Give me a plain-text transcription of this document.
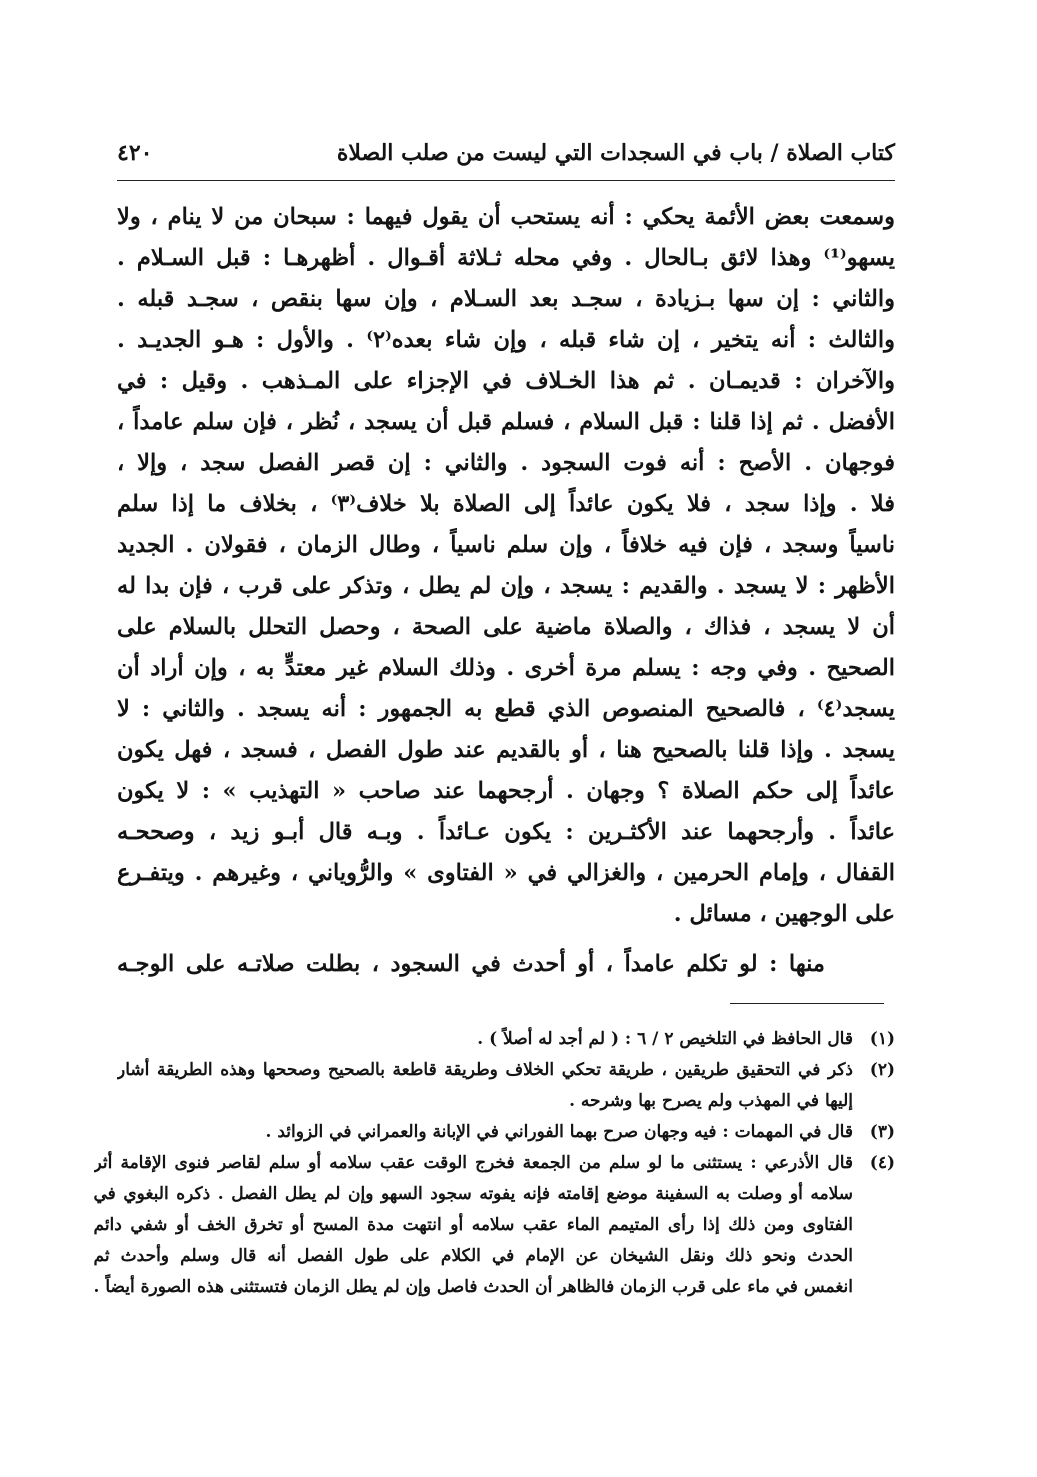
كتاب الصلاة / باب في السجدات التي ليست من صلب الصلاة
٤٢٠
وسمعت بعض الأئمة يحكي : أنه يستحب أن يقول فيهما : سبحان من لا ينام ، ولا
يسهو⁽¹⁾ وهذا لائق بـالحال . وفي محله ثـلاثة أقـوال . أظهرهـا : قبل السـلام .
والثاني : إن سها بـزيادة ، سجـد بعد السـلام ، وإن سها بنقص ، سجـد قبله .
والثالث : أنه يتخير ، إن شاء قبله ، وإن شاء بعده⁽٢⁾ . والأول : هـو الجديـد .
والآخران : قديمـان . ثم هذا الخـلاف في الإجزاء على المـذهب . وقيل : في
الأفضل . ثم إذا قلنا : قبل السلام ، فسلم قبل أن يسجد ، نُظر ، فإن سلم عامداً ،
فوجهان . الأصح : أنه فوت السجود . والثاني : إن قصر الفصل سجد ، وإلا ،
فلا . وإذا سجد ، فلا يكون عائداً إلى الصلاة بلا خلاف⁽٣⁾ ، بخلاف ما إذا سلم
ناسياً وسجد ، فإن فيه خلافاً ، وإن سلم ناسياً ، وطال الزمان ، فقولان . الجديد
الأظهر : لا يسجد . والقديم : يسجد ، وإن لم يطل ، وتذكر على قرب ، فإن بدا له
أن لا يسجد ، فذاك ، والصلاة ماضية على الصحة ، وحصل التحلل بالسلام على
الصحيح . وفي وجه : يسلم مرة أخرى . وذلك السلام غير معتدٍّ به ، وإن أراد أن
يسجد⁽٤⁾ ، فالصحيح المنصوص الذي قطع به الجمهور : أنه يسجد . والثاني : لا
يسجد . وإذا قلنا بالصحيح هنا ، أو بالقديم عند طول الفصل ، فسجد ، فهل يكون
عائداً إلى حكم الصلاة ؟ وجهان . أرجحهما عند صاحب « التهذيب » : لا يكون
عائداً . وأرجحهما عند الأكثـرين : يكون عـائداً . وبـه قال أبـو زيد ، وصححـه
القفال ، وإمام الحرمين ، والغزالي في « الفتاوى » والرُّوياني ، وغيرهم . ويتفـرع
على الوجهين ، مسائل .
منها : لو تكلم عامداً ، أو أحدث في السجود ، بطلت صلاتـه على الوجـه
(١)
قال الحافظ في التلخيص ٢ / ٦ : ( لم أجد له أصلاً ) .
(٢)
ذكر في التحقيق طريقين ، طريقة تحكي الخلاف وطريقة قاطعة بالصحيح وصححها وهذه الطريقة أشار
إليها في المهذب ولم يصرح بها وشرحه .
(٣)
قال في المهمات : فيه وجهان صرح بهما الفوراني في الإبانة والعمراني في الزوائد .
(٤)
قال الأذرعي : يستثنى ما لو سلم من الجمعة فخرج الوقت عقب سلامه أو سلم لقاصر فنوى الإقامة أثر
سلامه أو وصلت به السفينة موضع إقامته فإنه يفوته سجود السهو وإن لم يطل الفصل . ذكره البغوي في
الفتاوى ومن ذلك إذا رأى المتيمم الماء عقب سلامه أو انتهت مدة المسح أو تخرق الخف أو شفي دائم
الحدث ونحو ذلك ونقل الشيخان عن الإمام في الكلام على طول الفصل أنه قال وسلم وأحدث ثم
انغمس في ماء على قرب الزمان فالظاهر أن الحدث فاصل وإن لم يطل الزمان فتستثنى هذه الصورة أيضاً .
